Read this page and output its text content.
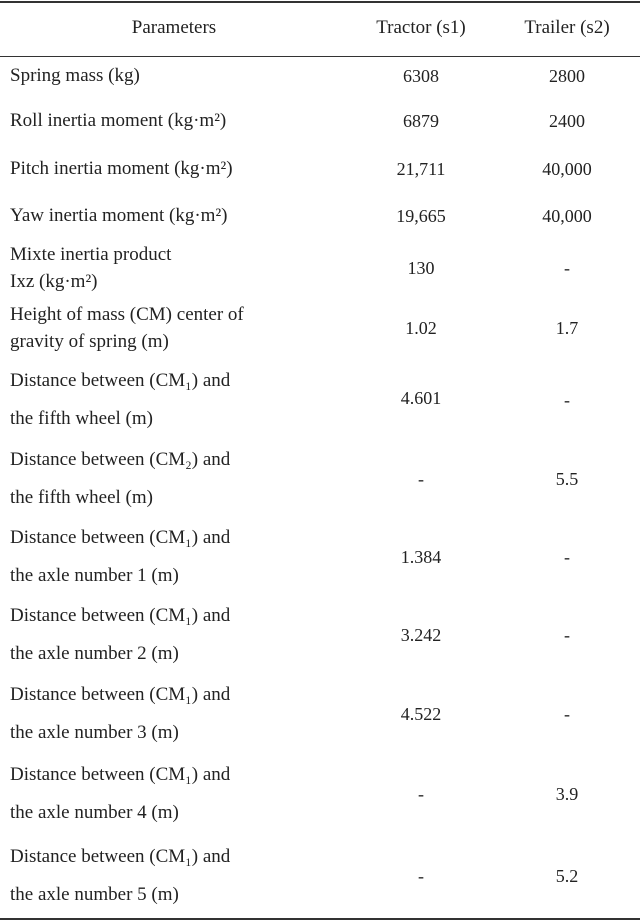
Parameters	Tractor (s1)	Trailer (s2)
Spring mass (kg)	6308	2800
Roll inertia moment (kg·m²)	6879	2400
Pitch inertia moment (kg·m²)	21,711	40,000
Yaw inertia moment (kg·m²)	19,665	40,000
Mixte inertia product
Ixz (kg·m²)
130	-
Height of mass (CM) center of
gravity of spring (m)
1.02	1.7
Distance between (CM₁) and
the fifth wheel (m)
4.601	-
Distance between (CM₂) and
the fifth wheel (m)
-	5.5
Distance between (CM₁) and
the axle number 1 (m)
1.384	-
Distance between (CM₁) and
the axle number 2 (m)
3.242	-
Distance between (CM₁) and
the axle number 3 (m)
4.522	-
Distance between (CM₁) and
the axle number 4 (m)
-	3.9
Distance between (CM₁) and
the axle number 5 (m)
-	5.2
